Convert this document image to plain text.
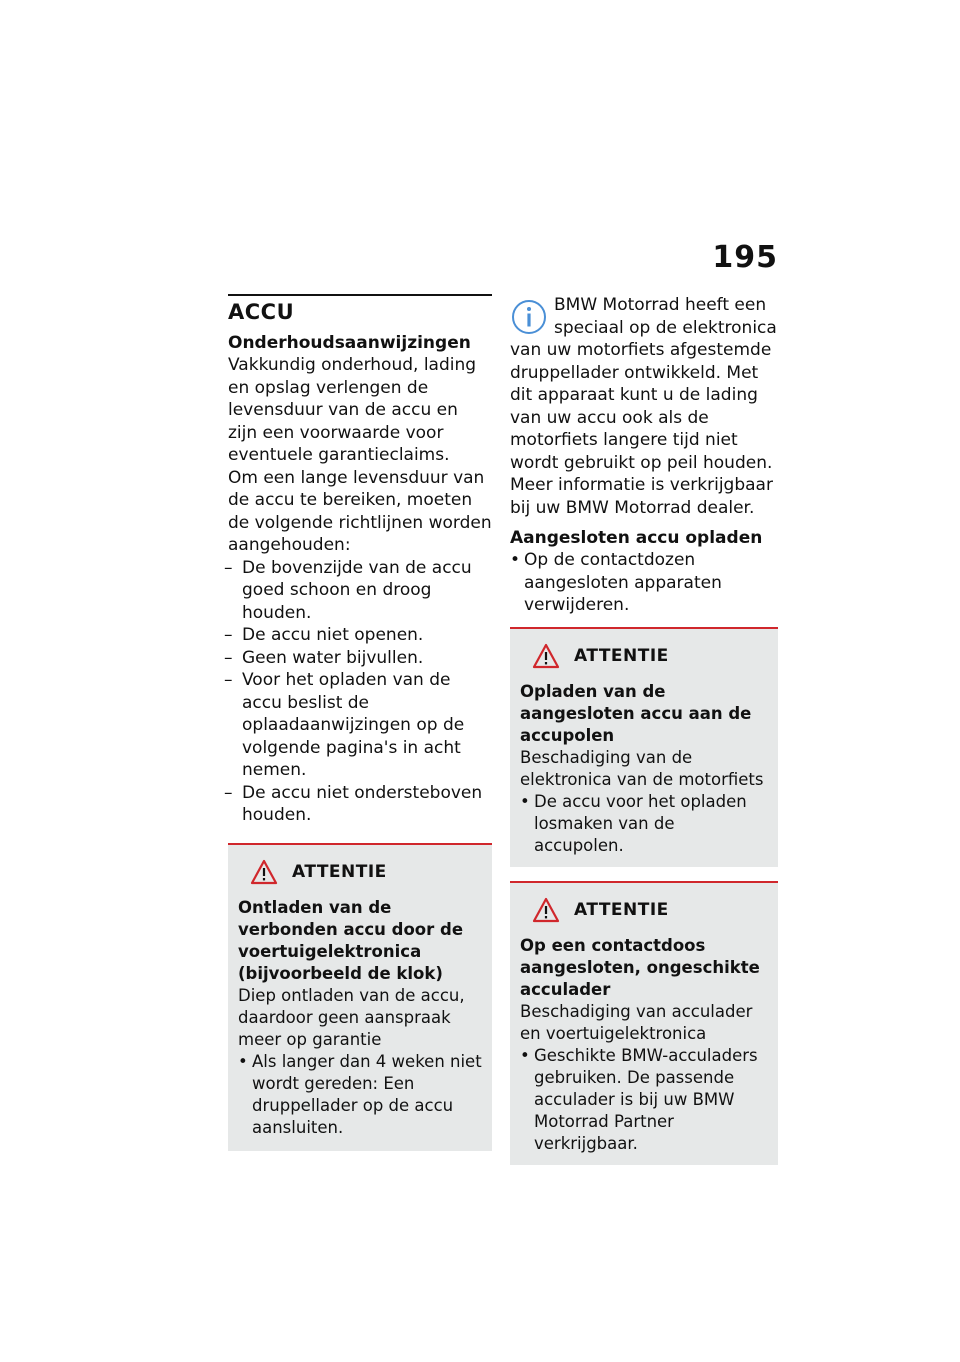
195
ACCU

Onderhoudsaanwijzingen

Vakkundig onderhoud, lading en opslag verlengen de levensduur van de accu en zijn een voorwaarde voor eventuele garantieclaims.

Om een lange levensduur van de accu te bereiken, moeten de volgende richtlijnen worden aangehouden:

– De bovenzijde van de accu goed schoon en droog houden.
– De accu niet openen.
– Geen water bijvullen.
– Voor het opladen van de accu beslist de oplaadaanwijzingen op de volgende pagina's in acht nemen.
– De accu niet ondersteboven houden.
ATTENTIE

Ontladen van de verbonden accu door de voertuigelektronica (bijvoorbeeld de klok)

Diep ontladen van de accu, daardoor geen aanspraak meer op garantie

• Als langer dan 4 weken niet wordt gereden: Een druppellader op de accu aansluiten.

BMW Motorrad heeft een speciaal op de elektronica

van uw motorfiets afgestemde druppellader ontwikkeld. Met dit apparaat kunt u de lading van uw accu ook als de motorfiets langere tijd niet wordt gebruikt op peil houden. Meer informatie is verkrijgbaar bij uw BMW Motorrad dealer.

Aangesloten accu opladen

• Op de contactdozen aangesloten apparaten verwijderen.
ATTENTIE

Opladen van de aangesloten accu aan de accupolen

Beschadiging van de elektronica van de motorfiets

• De accu voor het opladen losmaken van de accupolen.
ATTENTIE

Op een contactdoos aangesloten, ongeschikte acculader

Beschadiging van acculader en voertuigelektronica

• Geschikte BMW-acculaders gebruiken. De passende acculader is bij uw BMW Motorrad Partner verkrijgbaar.
